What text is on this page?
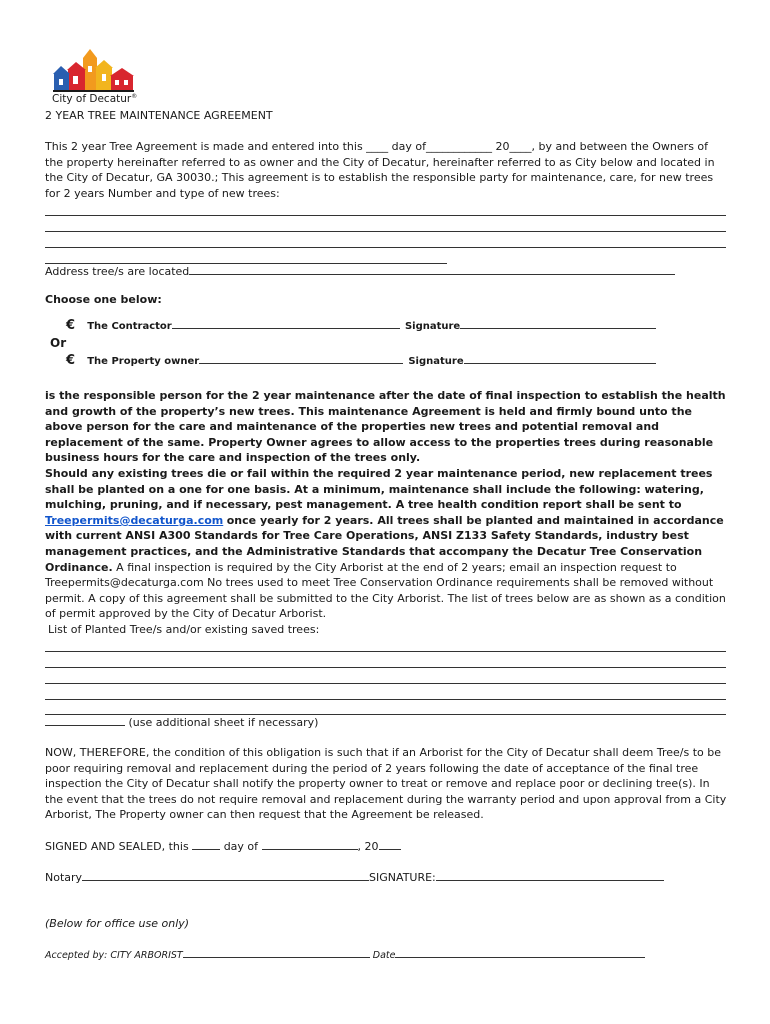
City of Decatur®
2 YEAR TREE MAINTENANCE AGREEMENT
This 2 year Tree Agreement is made and entered into this ____ day of____________ 20____, by and between the Owners of the property hereinafter referred to as owner and the City of Decatur, hereinafter referred to as City below and located in the City of Decatur, GA 30030.; This agreement is to establish the responsible party for maintenance, care, for new trees for 2 years Number and type of new trees:
Address tree/s are located
Choose one below:
€ The Contractor	Signature
Or
€ The Property owner	Signature
is the responsible person for the 2 year maintenance after the date of final inspection to establish the health and growth of the property’s new trees. This maintenance Agreement is held and firmly bound unto the above person for the care and maintenance of the properties new trees and potential removal and replacement of the same. Property Owner agrees to allow access to the properties trees during reasonable business hours for the care and inspection of the trees only.
Should any existing trees die or fail within the required 2 year maintenance period, new replacement trees shall be planted on a one for one basis. At a minimum, maintenance shall include the following: watering, mulching, pruning, and if necessary, pest management. A tree health condition report shall be sent to Treepermits@decaturga.com once yearly for 2 years. All trees shall be planted and maintained in accordance with current ANSI A300 Standards for Tree Care Operations, ANSI Z133 Safety Standards, industry best management practices, and the Administrative Standards that accompany the Decatur Tree Conservation Ordinance. A final inspection is required by the City Arborist at the end of 2 years; email an inspection request to Treepermits@decaturga.com No trees used to meet Tree Conservation Ordinance requirements shall be removed without permit. A copy of this agreement shall be submitted to the City Arborist. The list of trees below are as shown as a condition of permit approved by the City of Decatur Arborist.
List of Planted Tree/s and/or existing saved trees:
(use additional sheet if necessary)
NOW, THEREFORE, the condition of this obligation is such that if an Arborist for the City of Decatur shall deem Tree/s to be poor requiring removal and replacement during the period of 2 years following the date of acceptance of the final tree inspection the City of Decatur shall notify the property owner to treat or remove and replace poor or declining tree(s). In the event that the trees do not require removal and replacement during the warranty period and upon approval from a City Arborist, The Property owner can then request that the Agreement be released.
SIGNED AND SEALED, this	day of	, 20
Notary	SIGNATURE:
(Below for office use only)
Accepted by: CITY ARBORIST	Date
